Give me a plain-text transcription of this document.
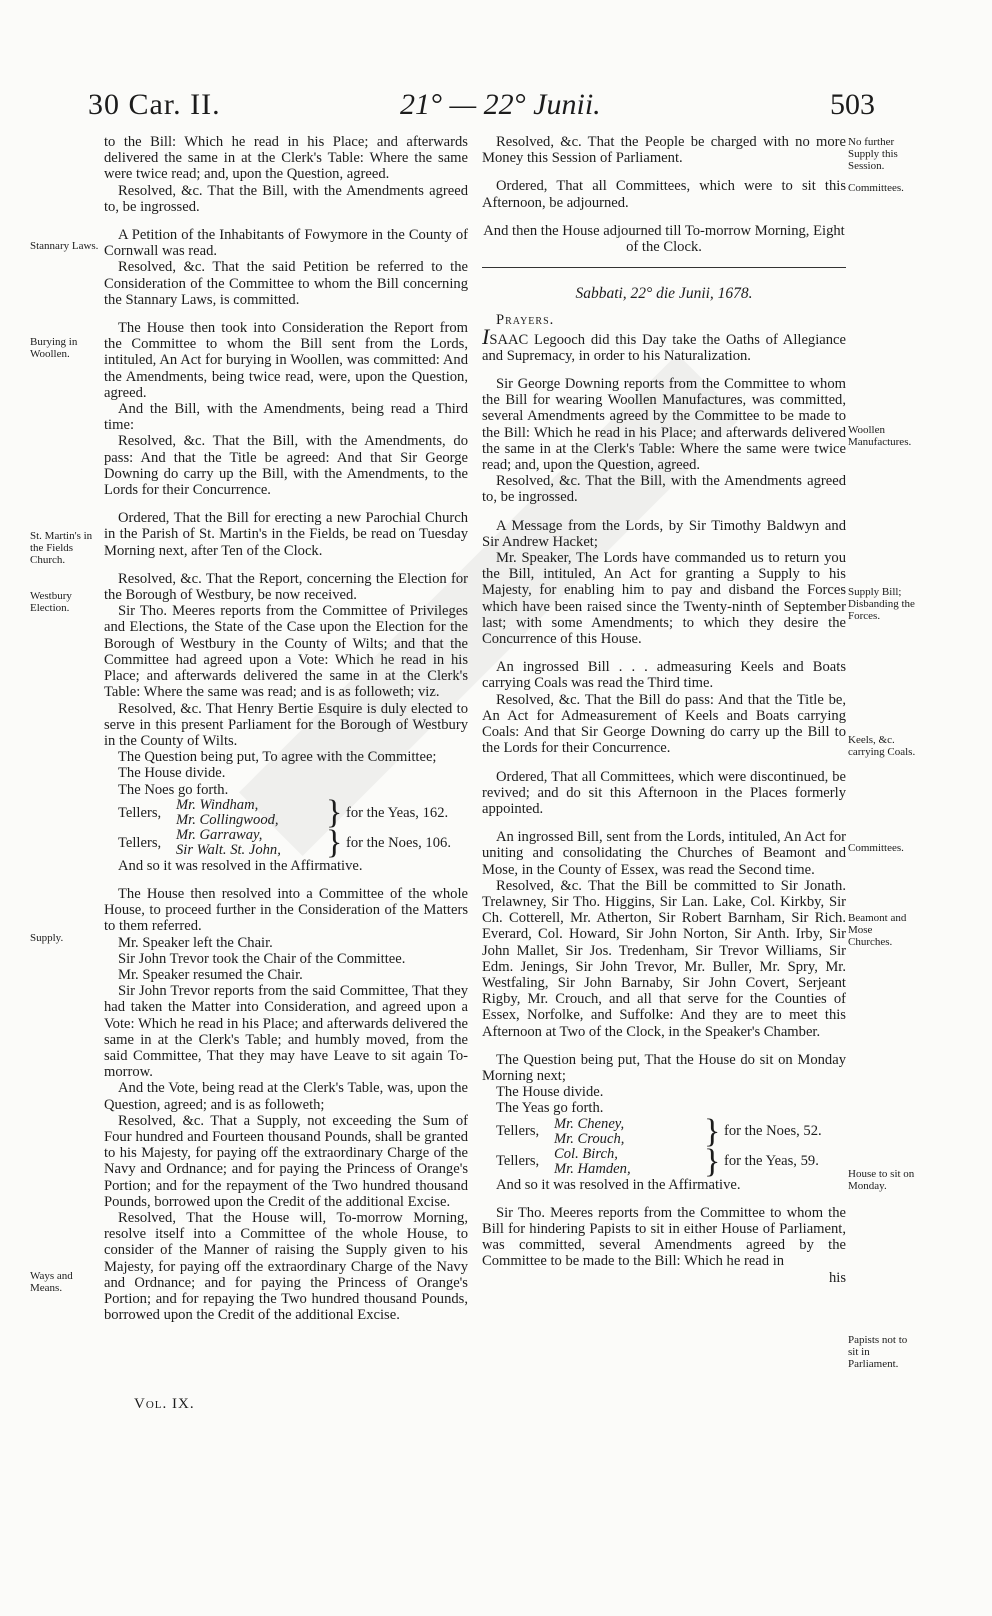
30 Car. II.	21° — 22° Junii.	503
Stannary Laws.
Burying in Woollen.
St. Martin's in the Fields Church.
Westbury Election.
Supply.
Ways and Means.
No further Supply this Session.
Committees.
Woollen Manufactures.
Supply Bill; Disbanding the Forces.
Keels, &c. carrying Coals.
Committees.
Beamont and Mose Churches.
House to sit on Monday.
Papists not to sit in Parliament.

to the Bill: Which he read in his Place; and afterwards delivered the same in at the Clerk's Table: Where the same were twice read; and, upon the Question, agreed.

Resolved, &c. That the Bill, with the Amendments agreed to, be ingrossed.

A Petition of the Inhabitants of Fowymore in the County of Cornwall was read.

Resolved, &c. That the said Petition be referred to the Consideration of the Committee to whom the Bill concerning the Stannary Laws, is committed.

The House then took into Consideration the Report from the Committee to whom the Bill sent from the Lords, intituled, An Act for burying in Woollen, was committed: And the Amendments, being twice read, were, upon the Question, agreed.

And the Bill, with the Amendments, being read a Third time:

Resolved, &c. That the Bill, with the Amendments, do pass: And that the Title be agreed: And that Sir George Downing do carry up the Bill, with the Amendments, to the Lords for their Concurrence.

Ordered, That the Bill for erecting a new Parochial Church in the Parish of St. Martin's in the Fields, be read on Tuesday Morning next, after Ten of the Clock.

Resolved, &c. That the Report, concerning the Election for the Borough of Westbury, be now received.

Sir Tho. Meeres reports from the Committee of Privileges and Elections, the State of the Case upon the Election for the Borough of Westbury in the County of Wilts; and that the Committee had agreed upon a Vote: Which he read in his Place; and afterwards delivered the same in at the Clerk's Table: Where the same was read; and is as followeth; viz.

Resolved, &c. That Henry Bertie Esquire is duly elected to serve in this present Parliament for the Borough of Westbury in the County of Wilts.

The Question being put, To agree with the Committee;

The House divide.

The Noes go forth.

Tellers,	Mr. Windham,
Mr. Collingwood,	} for the Yeas, 162.
Tellers,	Mr. Garraway,
Sir Walt. St. John,	} for the Noes, 106.

And so it was resolved in the Affirmative.

The House then resolved into a Committee of the whole House, to proceed further in the Consideration of the Matters to them referred.

Mr. Speaker left the Chair.

Sir John Trevor took the Chair of the Committee.

Mr. Speaker resumed the Chair.

Sir John Trevor reports from the said Committee, That they had taken the Matter into Consideration, and agreed upon a Vote: Which he read in his Place; and afterwards delivered the same in at the Clerk's Table; and humbly moved, from the said Committee, That they may have Leave to sit again To-morrow.

And the Vote, being read at the Clerk's Table, was, upon the Question, agreed; and is as followeth;

Resolved, &c. That a Supply, not exceeding the Sum of Four hundred and Fourteen thousand Pounds, shall be granted to his Majesty, for paying off the extraordinary Charge of the Navy and Ordnance; and for paying the Princess of Orange's Portion; and for the repayment of the Two hundred thousand Pounds, borrowed upon the Credit of the additional Excise.

Resolved, That the House will, To-morrow Morning, resolve itself into a Committee of the whole House, to consider of the Manner of raising the Supply given to his Majesty, for paying off the extraordinary Charge of the Navy and Ordnance; and for paying the Princess of Orange's Portion; and for repaying the Two hundred thousand Pounds, borrowed upon the Credit of the additional Excise.

Vol. IX.

Resolved, &c. That the People be charged with no more Money this Session of Parliament.

Ordered, That all Committees, which were to sit this Afternoon, be adjourned.

And then the House adjourned till To-morrow Morning, Eight of the Clock.

Sabbati, 22° die Junii, 1678.

Prayers.

ISAAC Legooch did this Day take the Oaths of Allegiance and Supremacy, in order to his Naturalization.

Sir George Downing reports from the Committee to whom the Bill for wearing Woollen Manufactures, was committed, several Amendments agreed by the Committee to be made to the Bill: Which he read in his Place; and afterwards delivered the same in at the Clerk's Table: Where the same were twice read; and, upon the Question, agreed.

Resolved, &c. That the Bill, with the Amendments agreed to, be ingrossed.

A Message from the Lords, by Sir Timothy Baldwyn and Sir Andrew Hacket;

Mr. Speaker, The Lords have commanded us to return you the Bill, intituled, An Act for granting a Supply to his Majesty, for enabling him to pay and disband the Forces which have been raised since the Twenty-ninth of September last; with some Amendments; to which they desire the Concurrence of this House.

An ingrossed Bill . . . admeasuring Keels and Boats carrying Coals was read the Third time.

Resolved, &c. That the Bill do pass: And that the Title be, An Act for Admeasurement of Keels and Boats carrying Coals: And that Sir George Downing do carry up the Bill to the Lords for their Concurrence.

Ordered, That all Committees, which were discontinued, be revived; and do sit this Afternoon in the Places formerly appointed.

An ingrossed Bill, sent from the Lords, intituled, An Act for uniting and consolidating the Churches of Beamont and Mose, in the County of Essex, was read the Second time.

Resolved, &c. That the Bill be committed to Sir Jonath. Trelawney, Sir Tho. Higgins, Sir Lan. Lake, Col. Kirkby, Sir Ch. Cotterell, Mr. Atherton, Sir Robert Barnham, Sir Rich. Everard, Col. Howard, Sir John Norton, Sir Anth. Irby, Sir John Mallet, Sir Jos. Tredenham, Sir Trevor Williams, Sir Edm. Jenings, Sir John Trevor, Mr. Buller, Mr. Spry, Mr. Westfaling, Sir John Barnaby, Sir John Covert, Serjeant Rigby, Mr. Crouch, and all that serve for the Counties of Essex, Norfolke, and Suffolke: And they are to meet this Afternoon at Two of the Clock, in the Speaker's Chamber.

The Question being put, That the House do sit on Monday Morning next;

The House divide.

The Yeas go forth.

Tellers,	Mr. Cheney,
Mr. Crouch,	} for the Noes, 52.
Tellers,	Col. Birch,
Mr. Hamden,	} for the Yeas, 59.

And so it was resolved in the Affirmative.

Sir Tho. Meeres reports from the Committee to whom the Bill for hindering Papists to sit in either House of Parliament, was committed, several Amendments agreed by the Committee to be made to the Bill: Which he read in

his
